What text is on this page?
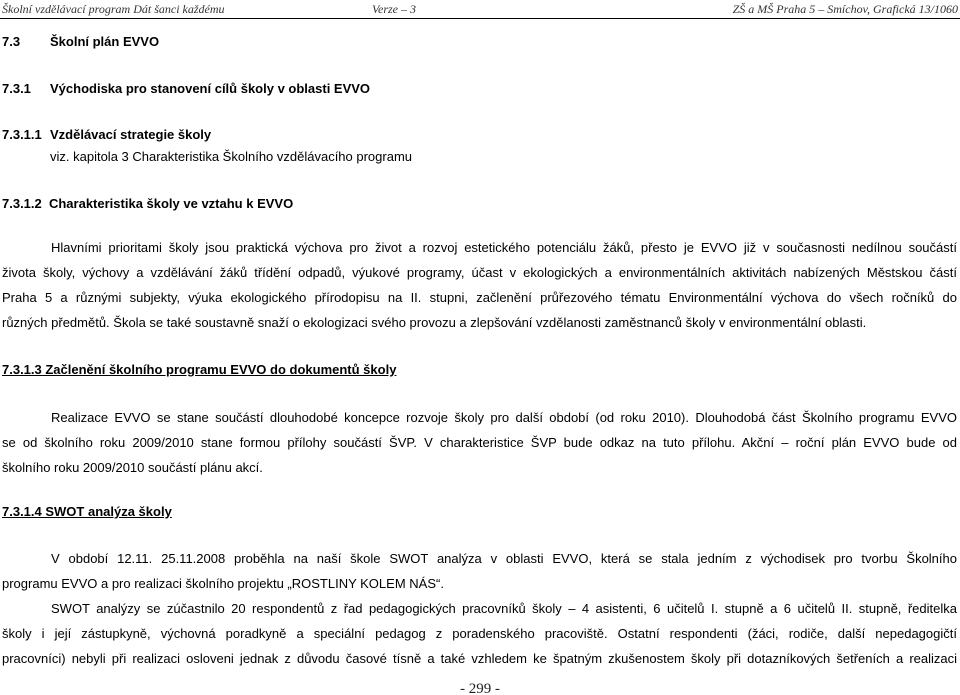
Školní vzdělávací program Dát šanci každému	Verze – 3	ZŠ a MŠ Praha 5 – Smíchov, Grafická 13/1060
7.3 Školní plán EVVO
7.3.1 Východiska pro stanovení cílů školy v oblasti EVVO
7.3.1.1 Vzdělávací strategie školy
viz. kapitola 3 Charakteristika Školního vzdělávacího programu
7.3.1.2  Charakteristika školy ve vztahu k EVVO
Hlavními prioritami školy jsou praktická výchova pro život a rozvoj estetického potenciálu žáků, přesto je EVVO již v současnosti nedílnou součástí
života školy, výchovy a vzdělávání žáků třídění odpadů, výukové programy, účast v ekologických a environmentálních aktivitách nabízených Městskou částí
Praha 5 a různými subjekty, výuka ekologického přírodopisu na II. stupni, začlenění průřezového tématu Environmentální výchova do všech ročníků do
různých předmětů. Škola se také soustavně snaží o ekologizaci svého provozu a zlepšování vzdělanosti zaměstnanců školy v environmentální oblasti.
7.3.1.3 Začlenění školního programu EVVO do dokumentů školy
Realizace EVVO se stane součástí dlouhodobé koncepce rozvoje školy pro další období (od roku 2010). Dlouhodobá část Školního programu EVVO
se od školního roku 2009/2010 stane formou přílohy součástí ŠVP. V charakteristice ŠVP bude odkaz na tuto přílohu. Akční – roční plán EVVO bude od
školního roku 2009/2010 součástí plánu akcí.
7.3.1.4 SWOT analýza školy
V období 12.11. 25.11.2008 proběhla na naší škole SWOT analýza v oblasti EVVO, která se stala jedním z východisek pro tvorbu Školního
programu EVVO a pro realizaci školního projektu „ROSTLINY KOLEM NÁS“.
SWOT analýzy se zúčastnilo 20 respondentů z řad pedagogických pracovníků školy – 4 asistenti, 6 učitelů I. stupně a 6 učitelů II. stupně, ředitelka
školy i její zástupkyně, výchovná poradkyně a speciální pedagog z poradenského pracoviště. Ostatní respondenti (žáci, rodiče, další nepedagogičtí
pracovníci) nebyli při realizaci osloveni jednak z důvodu časové tísně a také vzhledem ke špatným zkušenostem školy při dotazníkových šetřeních a realizaci
- 299 -
